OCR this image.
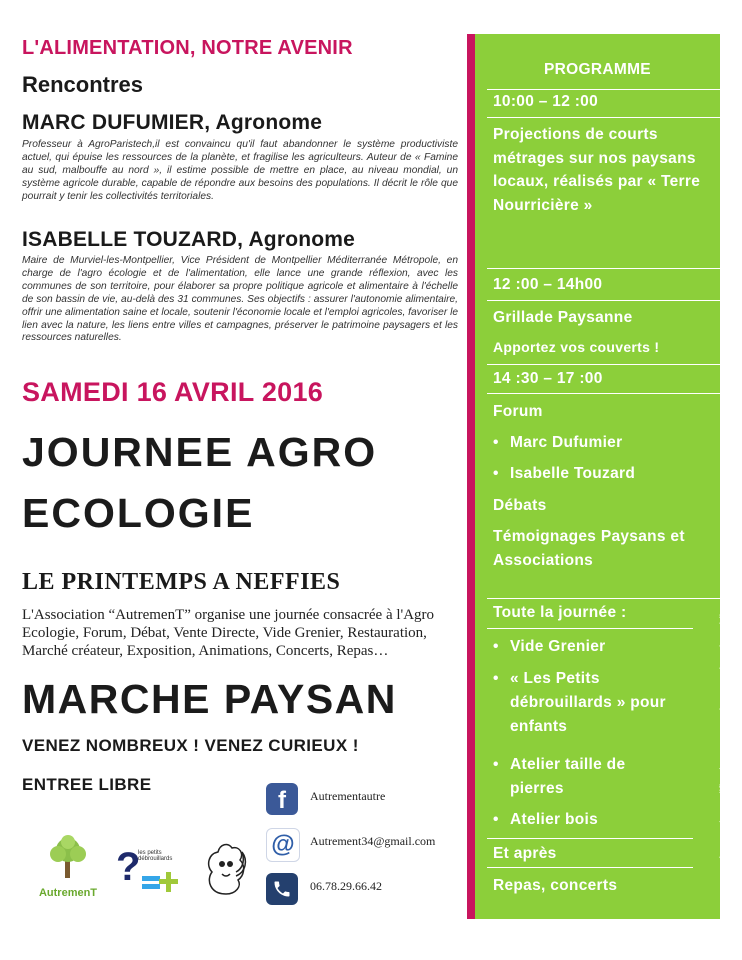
L'ALIMENTATION, NOTRE AVENIR
Rencontres
MARC DUFUMIER, Agronome
Professeur à AgroParistech,il est convaincu qu'il faut abandonner le système productiviste actuel, qui épuise les ressources de la planète, et fragilise les agriculteurs. Auteur de « Famine au sud, malbouffe au nord », il estime possible de mettre en place, au niveau mondial, un système agricole durable, capable de répondre aux besoins des populations. Il décrit le rôle que pourrait y tenir les collectivités territoriales.
ISABELLE TOUZARD, Agronome
Maire de Murviel-les-Montpellier, Vice Président de Montpellier Méditerranée Métropole, en charge de l'agro écologie et de l'alimentation, elle lance une grande réflexion, avec les communes de son territoire, pour élaborer sa propre politique agricole et alimentaire à l'échelle de son bassin de vie, au-delà des 31 communes. Ses objectifs : assurer l'autonomie alimentaire, offrir une alimentation saine et locale, soutenir l'économie locale et l'emploi agricoles, favoriser le lien avec la nature, les liens entre villes et campagnes, préserver le patrimoine paysagers et les ressources naturelles.
SAMEDI 16 AVRIL 2016
JOURNEE AGRO ECOLOGIE
LE PRINTEMPS A NEFFIES
L'Association “AutremenT” organise une journée consacrée à l'Agro Ecologie, Forum, Débat, Vente Directe, Vide Grenier, Restauration, Marché créateur, Exposition, Animations, Concerts, Repas…
MARCHE PAYSAN
VENEZ NOMBREUX ! VENEZ CURIEUX !
ENTREE LIBRE
f Autrementautre
@ Autrement34@gmail.com
06.78.29.66.42
AutremenT
?
les petits débrouillards
PROGRAMME
10:00 – 12 :00
Projections de courts métrages sur nos paysans locaux, réalisés par « Terre Nourricière »
12 :00 – 14h00
Grillade Paysanne
Apportez vos couverts !
14 :30 – 17 :00
Forum
• Marc Dufumier
• Isabelle Touzard
Débats
Témoignages Paysans et Associations
Toute la journée :
• Vide Grenier
• « Les Petits débrouillards » pour enfants
• Atelier taille de pierres
• Atelier bois
Et après
Repas, concerts	Sous réserve de modifications, ne pas jeter sur la voie publique
